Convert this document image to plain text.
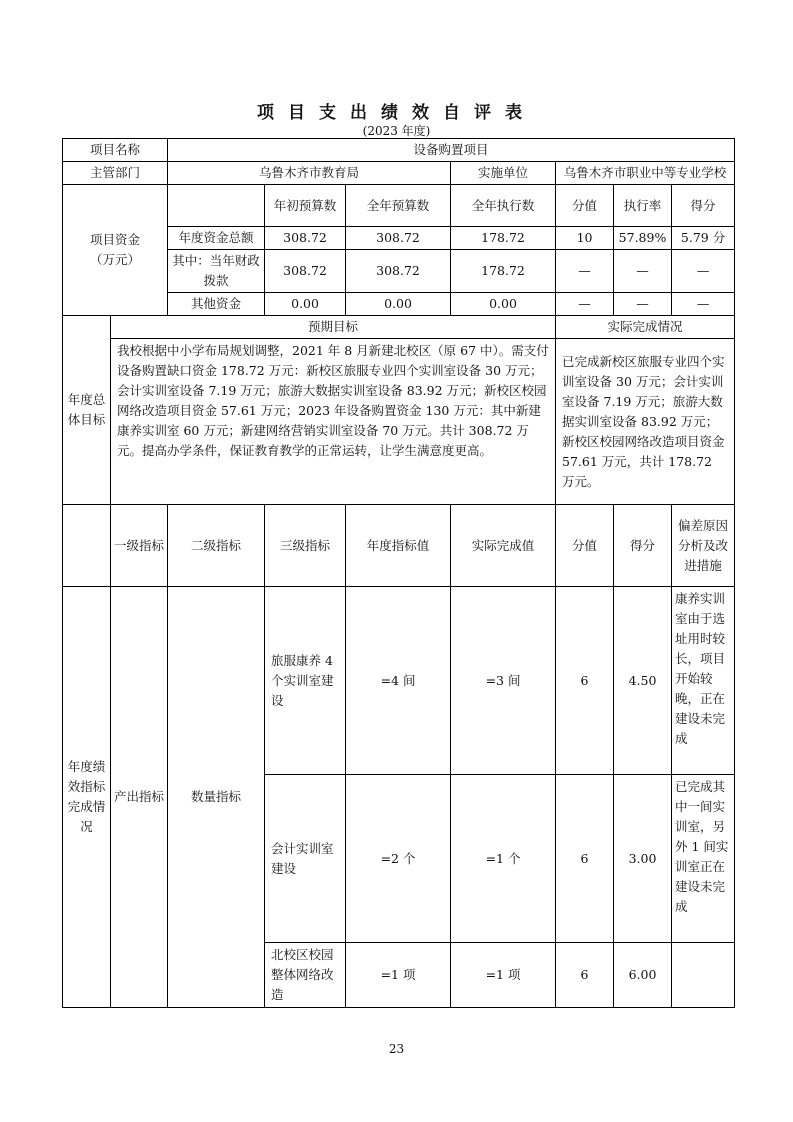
项目支出绩效自评表
(2023 年度)
项目名称		设备购置项目						
主管部门		乌鲁木齐市教育局			实施单位	乌鲁木齐市职业中等专业学校		
项目资金
（万元）			年初预算数	全年预算数	全年执行数	分值	执行率	得分
		年度资金总额	308.72	308.72	178.72	10	57.89%	5.79 分
		其中：当年财政拨款	308.72	308.72	178.72	—	—	—
		其他资金	0.00	0.00	0.00	—	—	—
年度总体目标	预期目标					实际完成情况		
	我校根据中小学布局规划调整，2021 年 8 月新建北校区（原 67 中）。需支付设备购置缺口资金 178.72 万元：新校区旅服专业四个实训室设备 30 万元；会计实训室设备 7.19 万元；旅游大数据实训室设备 83.92 万元；新校区校园网络改造项目资金 57.61 万元；2023 年设备购置资金 130 万元：其中新建康养实训室 60 万元；新建网络营销实训室设备 70 万元。共计 308.72 万元。提高办学条件，保证教育教学的正常运转，让学生满意度更高。					已完成新校区旅服专业四个实训室设备 30 万元；会计实训室设备 7.19 万元；旅游大数据实训室设备 83.92 万元；新校区校园网络改造项目资金 57.61 万元，共计 178.72 万元。		
	一级指标	二级指标	三级指标	年度指标值	实际完成值	分值	得分	偏差原因分析及改进措施
年度绩效指标完成情况	产出指标	数量指标	旅服康养 4 个实训室建设	=4 间	=3 间	6	4.50	康养实训室由于选址用时较长，项目开始较晚，正在建设未完成
			会计实训室建设	=2 个	=1 个	6	3.00	已完成其中一间实训室，另外 1 间实训室正在建设未完成
			北校区校园整体网络改造	=1 项	=1 项	6	6.00	
23
